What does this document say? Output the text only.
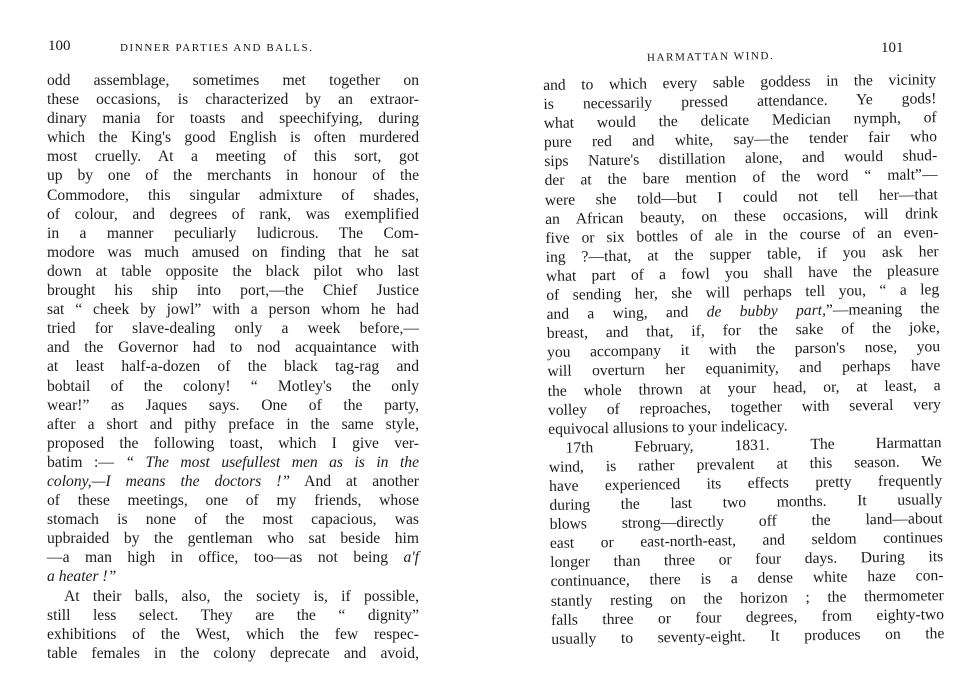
100	DINNER PARTIES AND BALLS.
odd assemblage, sometimes met together on
these occasions, is characterized by an extraor-
dinary mania for toasts and speechifying, during
which the King's good English is often murdered
most cruelly. At a meeting of this sort, got
up by one of the merchants in honour of the
Commodore, this singular admixture of shades,
of colour, and degrees of rank, was exemplified
in a manner peculiarly ludicrous. The Com-
modore was much amused on finding that he sat
down at table opposite the black pilot who last
brought his ship into port,—the Chief Justice
sat “ cheek by jowl” with a person whom he had
tried for slave-dealing only a week before,—
and the Governor had to nod acquaintance with
at least half-a-dozen of the black tag-rag and
bobtail of the colony! “ Motley's the only
wear!” as Jaques says. One of the party,
after a short and pithy preface in the same style,
proposed the following toast, which I give ver-
batim :— “ The most usefullest men as is in the
colony,—I means the doctors !” And at another
of these meetings, one of my friends, whose
stomach is none of the most capacious, was
upbraided by the gentleman who sat beside him
—a man high in office, too—as not being a'f
a heater !”
At their balls, also, the society is, if possible,
still less select. They are the “ dignity”
exhibitions of the West, which the few respec-
table females in the colony deprecate and avoid,
HARMATTAN WIND.
101
and to which every sable goddess in the vicinity
is necessarily pressed attendance. Ye gods!
what would the delicate Medician nymph, of
pure red and white, say—the tender fair who
sips Nature's distillation alone, and would shud-
der at the bare mention of the word “ malt”—
were she told—but I could not tell her—that
an African beauty, on these occasions, will drink
five or six bottles of ale in the course of an even-
ing ?—that, at the supper table, if you ask her
what part of a fowl you shall have the pleasure
of sending her, she will perhaps tell you, “ a leg
and a wing, and de bubby part,”—meaning the
breast, and that, if, for the sake of the joke,
you accompany it with the parson's nose, you
will overturn her equanimity, and perhaps have
the whole thrown at your head, or, at least, a
volley of reproaches, together with several very
equivocal allusions to your indelicacy.
17th February, 1831. The Harmattan
wind, is rather prevalent at this season. We
have experienced its effects pretty frequently
during the last two months. It usually
blows strong—directly off the land—about
east or east-north-east, and seldom continues
longer than three or four days. During its
continuance, there is a dense white haze con-
stantly resting on the horizon ; the thermometer
falls three or four degrees, from eighty-two
usually to seventy-eight. It produces on the
